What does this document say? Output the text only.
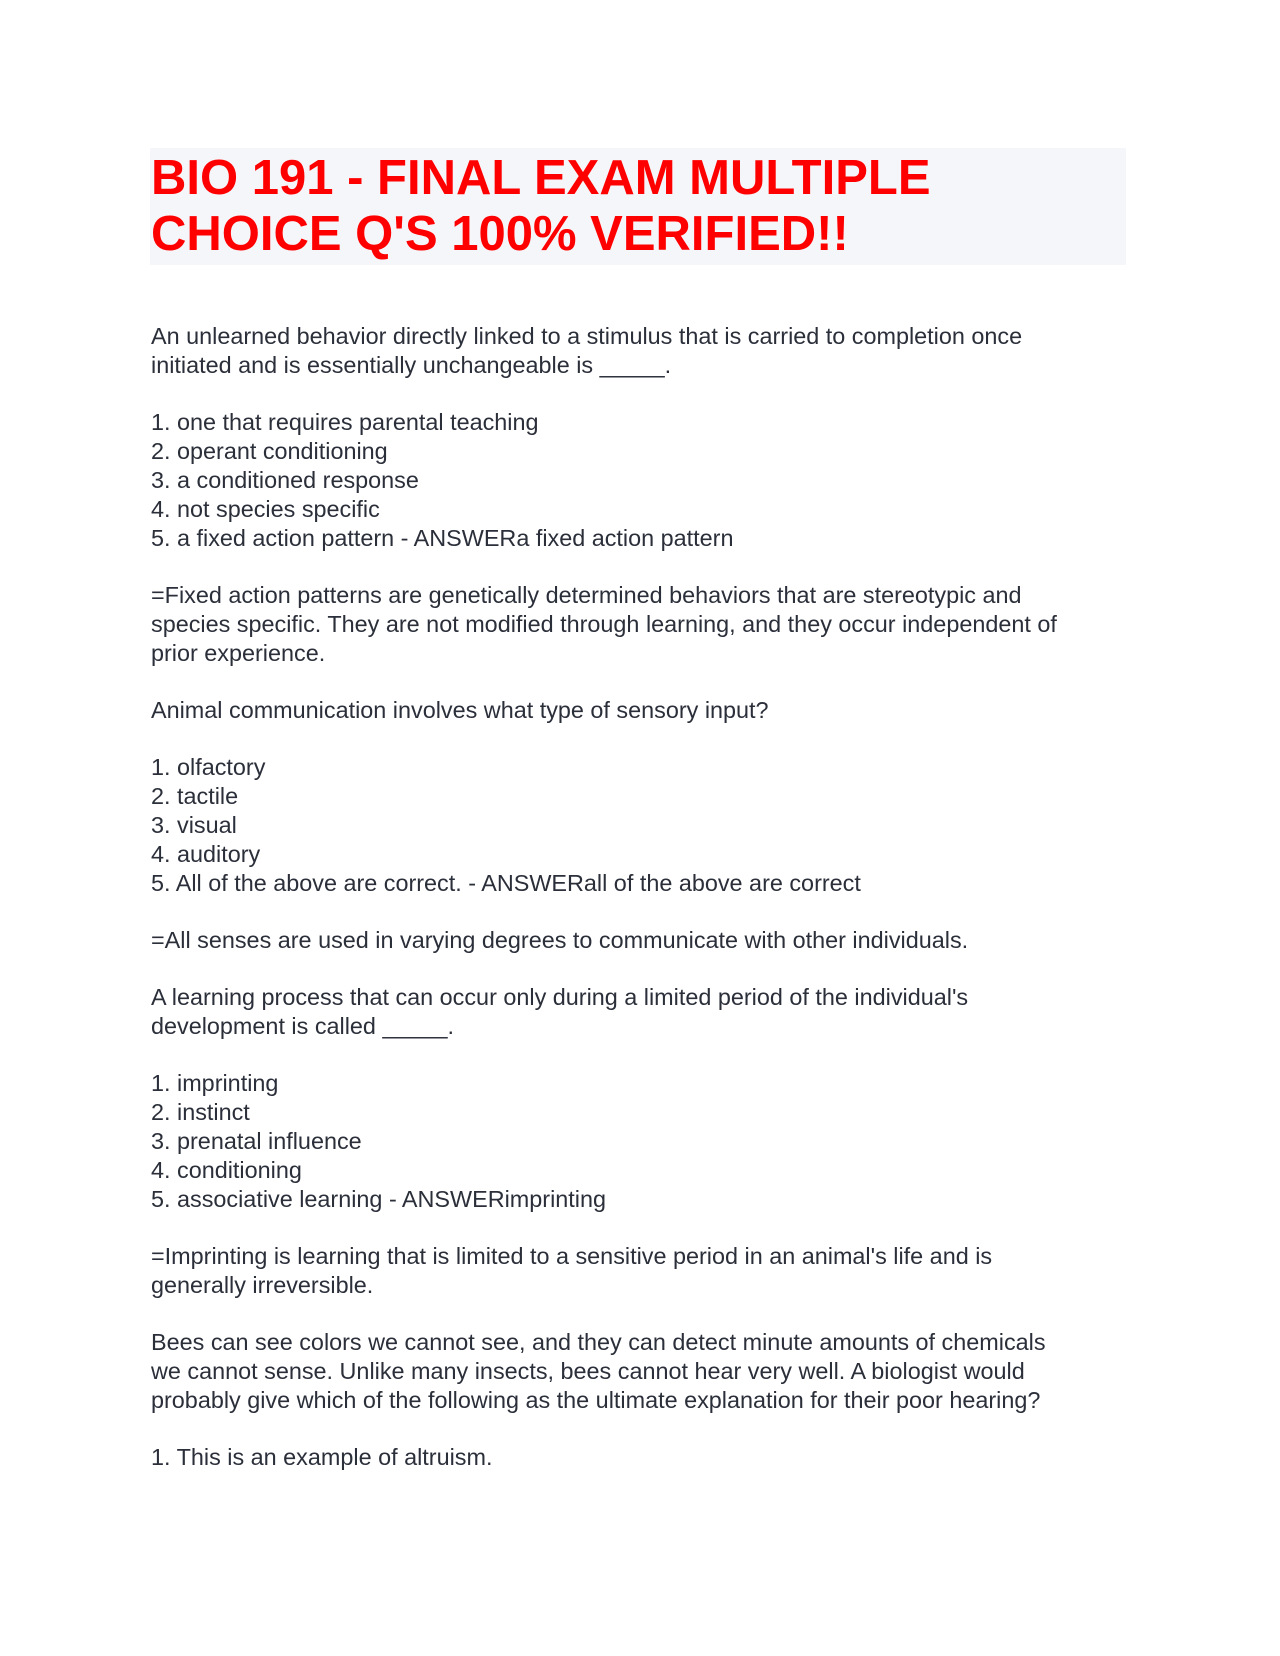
BIO 191 - FINAL EXAM MULTIPLE
CHOICE Q'S 100% VERIFIED!!

An unlearned behavior directly linked to a stimulus that is carried to completion once
initiated and is essentially unchangeable is _____.

1. one that requires parental teaching
2. operant conditioning
3. a conditioned response
4. not species specific
5. a fixed action pattern - ANSWERa fixed action pattern

=Fixed action patterns are genetically determined behaviors that are stereotypic and
species specific. They are not modified through learning, and they occur independent of
prior experience.

Animal communication involves what type of sensory input?

1. olfactory
2. tactile
3. visual
4. auditory
5. All of the above are correct. - ANSWERall of the above are correct

=All senses are used in varying degrees to communicate with other individuals.

A learning process that can occur only during a limited period of the individual's
development is called _____.

1. imprinting
2. instinct
3. prenatal influence
4. conditioning
5. associative learning - ANSWERimprinting

=Imprinting is learning that is limited to a sensitive period in an animal's life and is
generally irreversible.

Bees can see colors we cannot see, and they can detect minute amounts of chemicals
we cannot sense. Unlike many insects, bees cannot hear very well. A biologist would
probably give which of the following as the ultimate explanation for their poor hearing?

1. This is an example of altruism.
